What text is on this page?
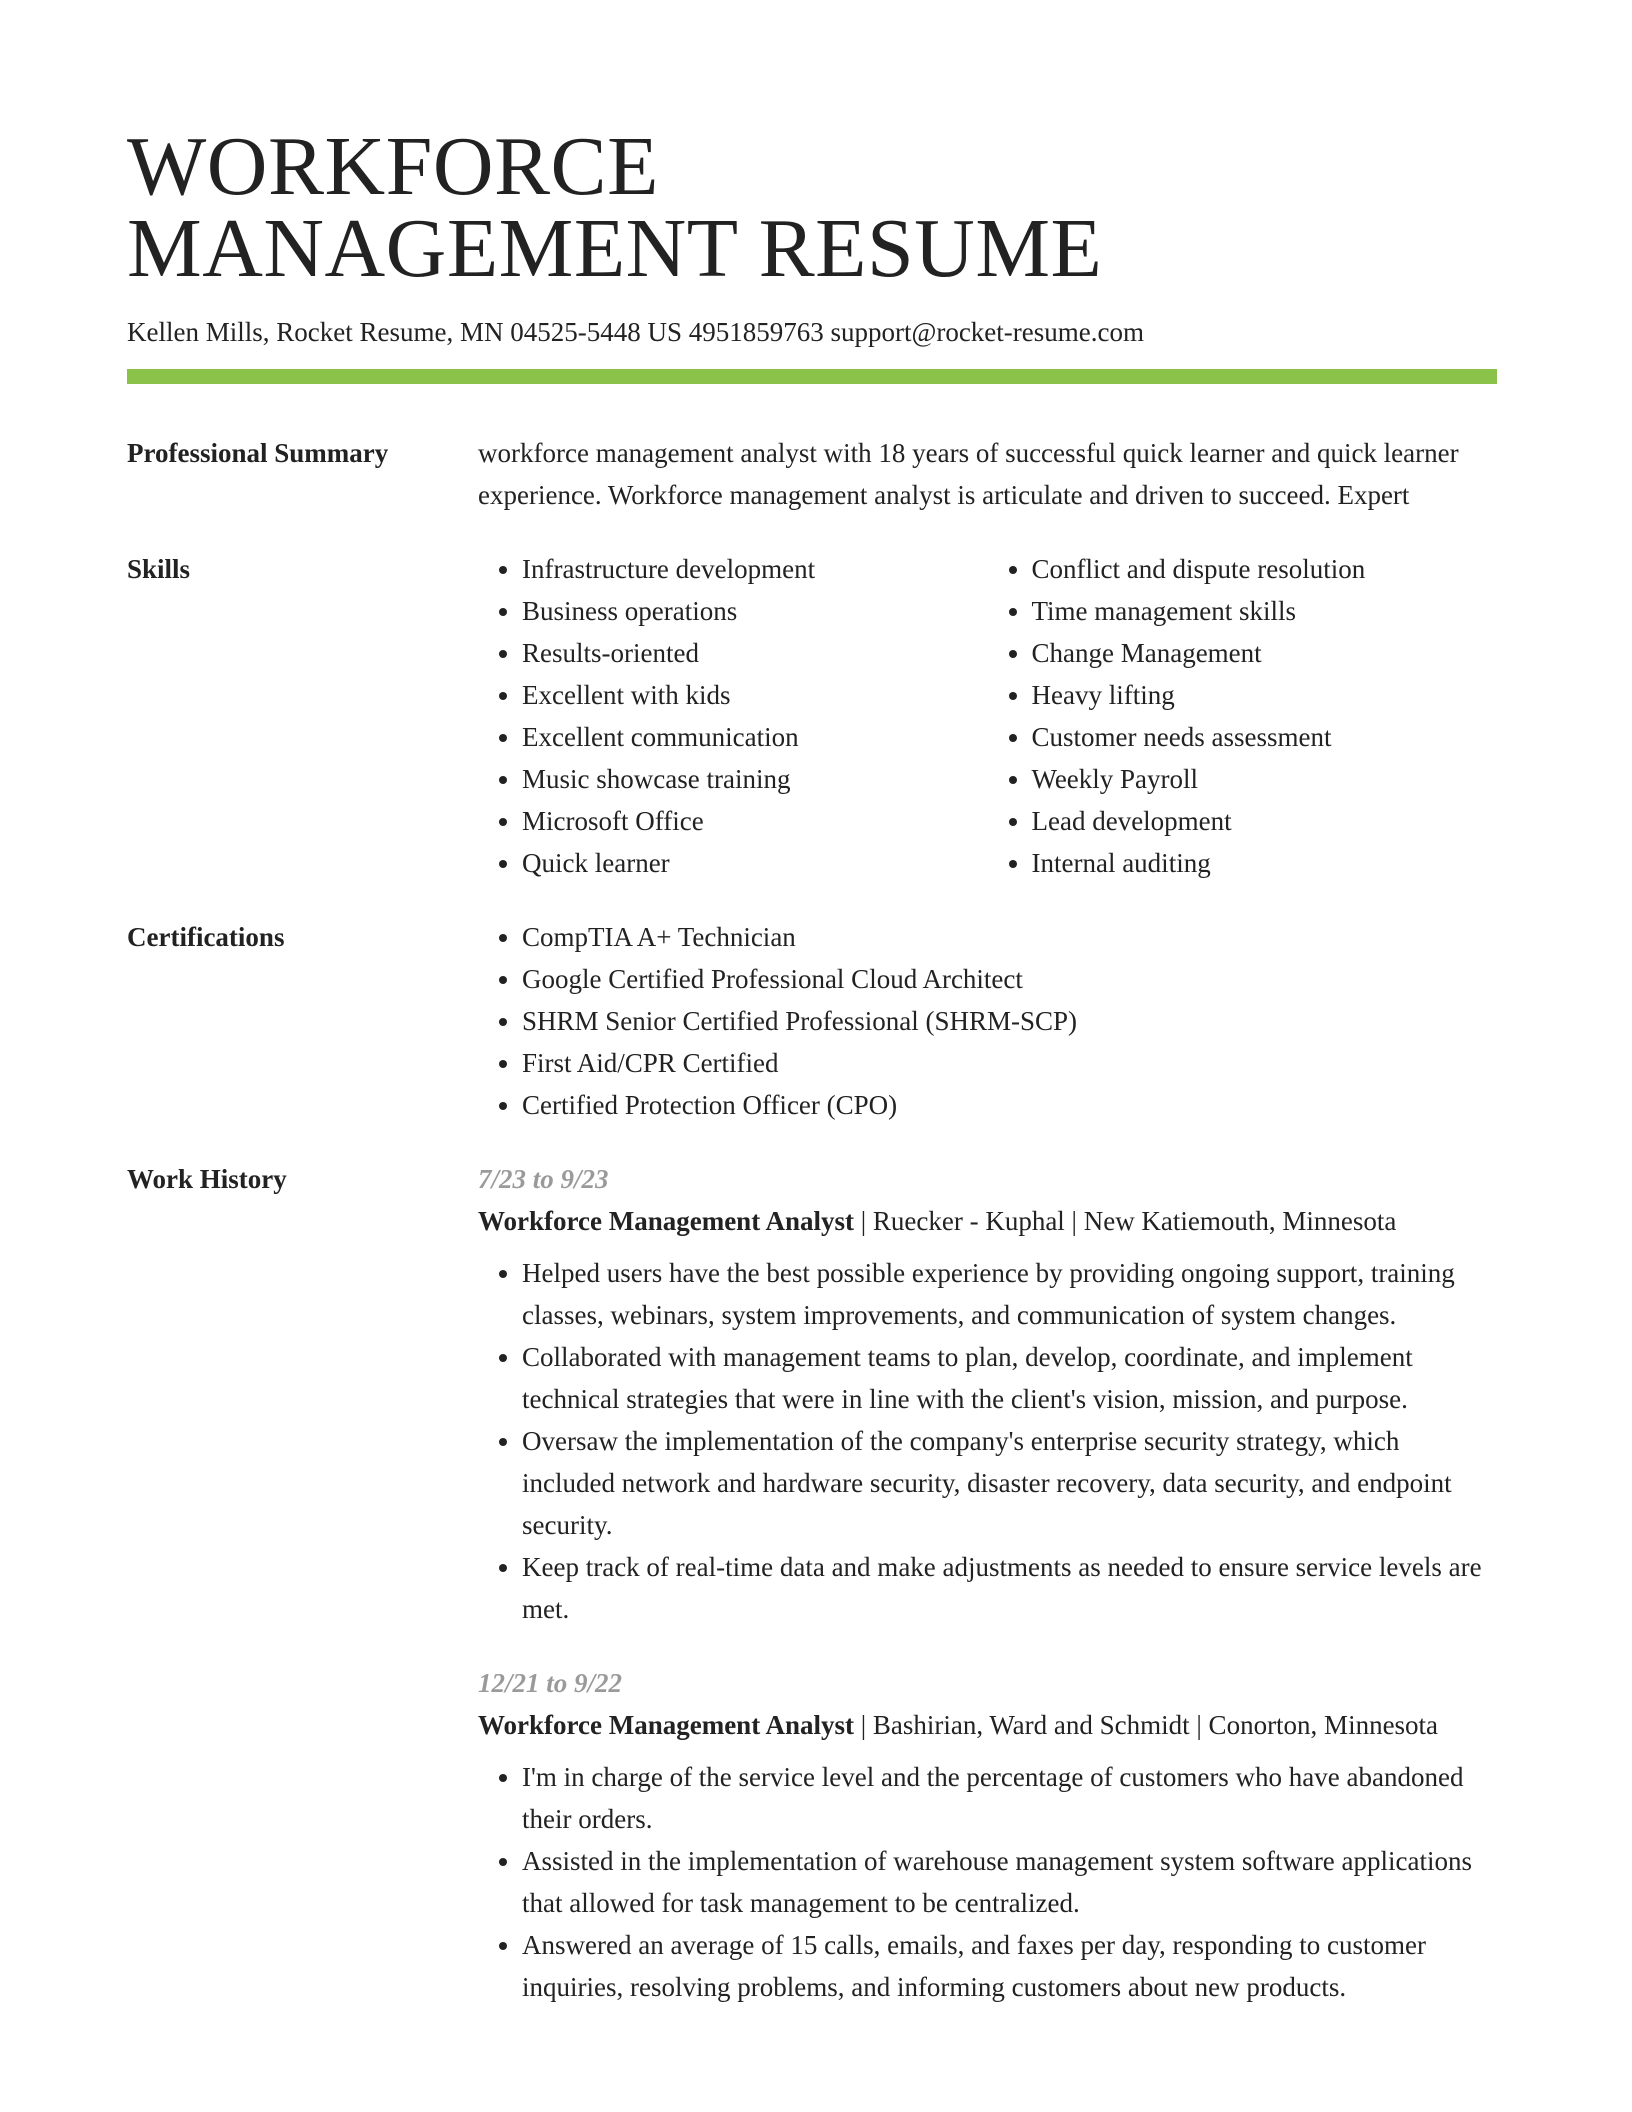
WORKFORCE
MANAGEMENT RESUME
Kellen Mills, Rocket Resume, MN 04525-5448 US 4951859763 support@rocket-resume.com
Professional Summary	workforce management analyst with 18 years of successful quick learner and quick learner experience. Workforce management analyst is articulate and driven to succeed. Expert

Skills	• Infrastructure development
• Business operations
• Results-oriented
• Excellent with kids
• Excellent communication
• Music showcase training
• Microsoft Office
• Quick learner
• Conflict and dispute resolution
• Time management skills
• Change Management
• Heavy lifting
• Customer needs assessment
• Weekly Payroll
• Lead development
• Internal auditing
Certifications	• CompTIA A+ Technician
• Google Certified Professional Cloud Architect
• SHRM Senior Certified Professional (SHRM-SCP)
• First Aid/CPR Certified
• Certified Protection Officer (CPO)
Work History	7/23 to 9/23
Workforce Management Analyst | Ruecker - Kuphal | New Katiemouth, Minnesota
• Helped users have the best possible experience by providing ongoing support, training classes, webinars, system improvements, and communication of system changes.
• Collaborated with management teams to plan, develop, coordinate, and implement technical strategies that were in line with the client's vision, mission, and purpose.
• Oversaw the implementation of the company's enterprise security strategy, which included network and hardware security, disaster recovery, data security, and endpoint security.
• Keep track of real-time data and make adjustments as needed to ensure service levels are met.
12/21 to 9/22
Workforce Management Analyst | Bashirian, Ward and Schmidt | Conorton, Minnesota
• I'm in charge of the service level and the percentage of customers who have abandoned their orders.
• Assisted in the implementation of warehouse management system software applications that allowed for task management to be centralized.
• Answered an average of 15 calls, emails, and faxes per day, responding to customer inquiries, resolving problems, and informing customers about new products.
